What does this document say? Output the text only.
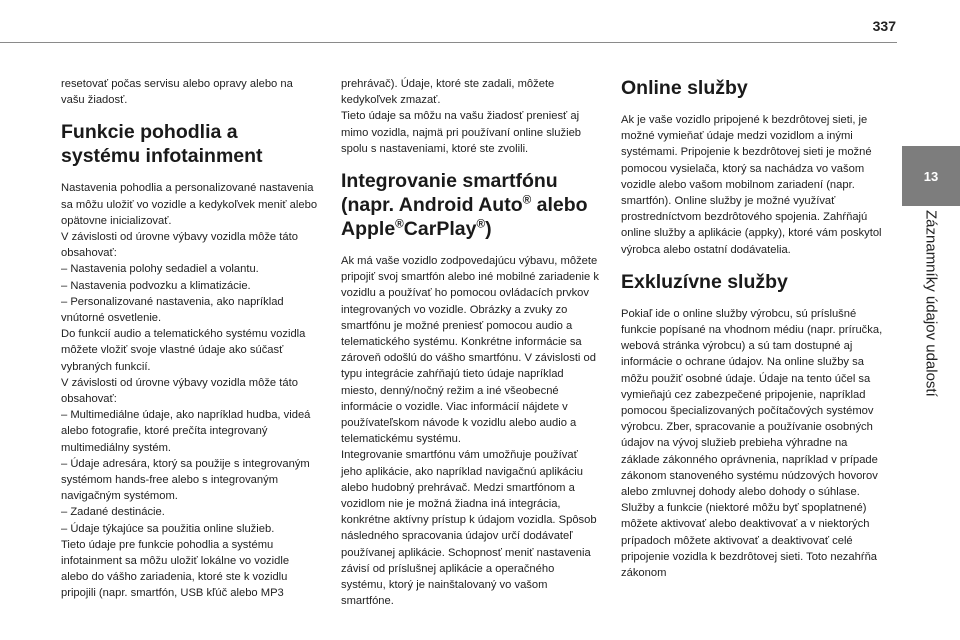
337
13
Záznamníky údajov udalostí

resetovať počas servisu alebo opravy alebo na vašu žiadosť.

Funkcie pohodlia a systému infotainment

Nastavenia pohodlia a personalizované nastavenia sa môžu uložiť vo vozidle a kedykoľvek meniť alebo opätovne inicializovať.

V závislosti od úrovne výbavy vozidla môže táto obsahovať:

– Nastavenia polohy sedadiel a volantu.

– Nastavenia podvozku a klimatizácie.

– Personalizované nastavenia, ako napríklad vnútorné osvetlenie.

Do funkcií audio a telematického systému vozidla môžete vložiť svoje vlastné údaje ako súčasť vybraných funkcií.

V závislosti od úrovne výbavy vozidla môže táto obsahovať:

– Multimediálne údaje, ako napríklad hudba, videá alebo fotografie, ktoré prečíta integrovaný multimediálny systém.

– Údaje adresára, ktorý sa použije s integrovaným systémom hands-free alebo s integrovaným navigačným systémom.

– Zadané destinácie.

– Údaje týkajúce sa použitia online služieb.

Tieto údaje pre funkcie pohodlia a systému infotainment sa môžu uložiť lokálne vo vozidle alebo do vášho zariadenia, ktoré ste k vozidlu pripojili (napr. smartfón, USB kľúč alebo MP3

prehrávač). Údaje, ktoré ste zadali, môžete kedykoľvek zmazať.

Tieto údaje sa môžu na vašu žiadosť preniesť aj mimo vozidla, najmä pri používaní online služieb spolu s nastaveniami, ktoré ste zvolili.

Integrovanie smartfónu (napr. Android Auto® alebo Apple®CarPlay®)

Ak má vaše vozidlo zodpovedajúcu výbavu, môžete pripojiť svoj smartfón alebo iné mobilné zariadenie k vozidlu a používať ho pomocou ovládacích prvkov integrovaných vo vozidle. Obrázky a zvuky zo smartfónu je možné preniesť pomocou audio a telematického systému. Konkrétne informácie sa zároveň odošlú do vášho smartfónu. V závislosti od typu integrácie zahŕňajú tieto údaje napríklad miesto, denný/nočný režim a iné všeobecné informácie o vozidle. Viac informácií nájdete v používateľskom návode k vozidlu alebo audio a telematickému systému.

Integrovanie smartfónu vám umožňuje používať jeho aplikácie, ako napríklad navigačnú aplikáciu alebo hudobný prehrávač. Medzi smartfónom a vozidlom nie je možná žiadna iná integrácia, konkrétne aktívny prístup k údajom vozidla. Spôsob následného spracovania údajov určí dodávateľ používanej aplikácie. Schopnosť meniť nastavenia závisí od príslušnej aplikácie a operačného systému, ktorý je nainštalovaný vo vašom smartfóne.

Online služby

Ak je vaše vozidlo pripojené k bezdrôtovej sieti, je možné vymieňať údaje medzi vozidlom a inými systémami. Pripojenie k bezdrôtovej sieti je možné pomocou vysielača, ktorý sa nachádza vo vašom vozidle alebo vašom mobilnom zariadení (napr. smartfón). Online služby je možné využívať prostredníctvom bezdrôtového spojenia. Zahŕňajú online služby a aplikácie (appky), ktoré vám poskytol výrobca alebo ostatní dodávatelia.

Exkluzívne služby

Pokiaľ ide o online služby výrobcu, sú príslušné funkcie popísané na vhodnom médiu (napr. príručka, webová stránka výrobcu) a sú tam dostupné aj informácie o ochrane údajov. Na online služby sa môžu použiť osobné údaje. Údaje na tento účel sa vymieňajú cez zabezpečené pripojenie, napríklad pomocou špecializovaných počítačových systémov výrobcu. Zber, spracovanie a používanie osobných údajov na vývoj služieb prebieha výhradne na základe zákonného oprávnenia, napríklad v prípade zákonom stanoveného systému núdzových hovorov alebo zmluvnej dohody alebo dohody o súhlase.

Služby a funkcie (niektoré môžu byť spoplatnené) môžete aktivovať alebo deaktivovať a v niektorých prípadoch môžete aktivovať a deaktivovať celé pripojenie vozidla k bezdrôtovej sieti. Toto nezahŕňa zákonom
